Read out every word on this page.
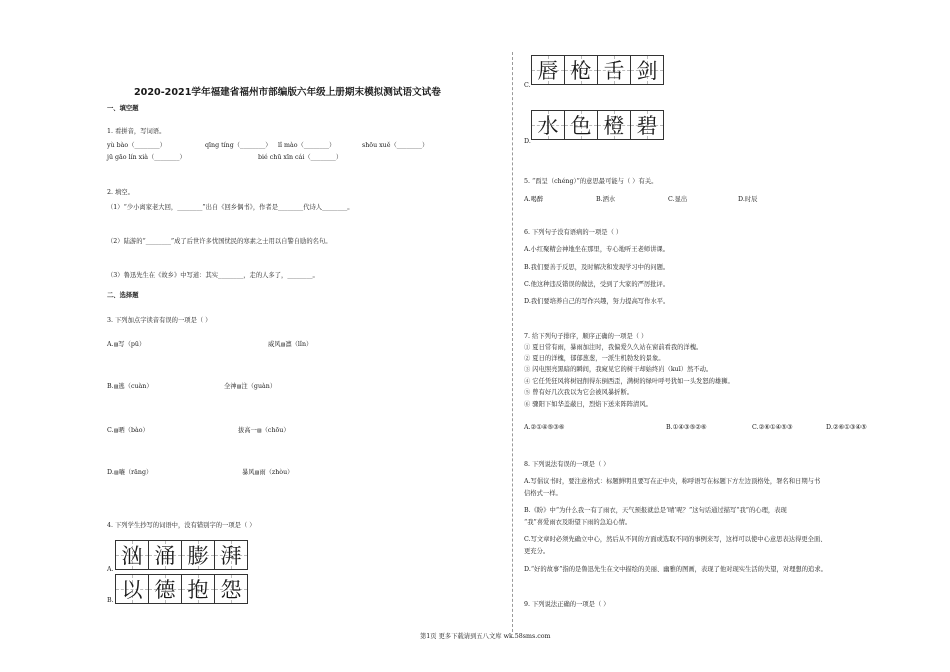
2020-2021学年福建省福州市部编版六年级上册期末模拟测试语文试卷
一、填空题
1. 看拼音，写词语。
yù bào（________）	qīng tíng（________） lǐ mào（________）	shōu xuě（________）
jū gāo lín xià（________）	bié chū xīn cái（________）
2. 填空。
（1）“少小离家老大回，________”出自《回乡偶书》，作者是________代诗人________。
（2）陆游的“________”成了后世许多忧国忧民的寒素之士用以自警自励的名句。
（3）鲁迅先生在《故乡》中写道：其实________，走的人多了，________。
二、选择题
3. 下列加点字读音有误的一项是（ ）
A.▨写（pū）	威风▨凛（lǐn）
B.▨逃（cuàn）	全神▨注（guàn）
C.▨晒（bào）	拔高一▨（chōu）
D.▨嚷（rāng）	暴风▨雨（zhòu）
4. 下列学生抄写的词语中，没有错别字的一项是（ ）
汹 涌 膨 湃
A.
以 德 抱 怨
B.
唇 枪 舌 剑
C.
水 色 橙 碧
D.
5. “酉呈（chéng）”的意思最可能与（ ）有关。
A.喝醉	B.洒水	C.显出	D.时辰
6. 下列句子没有语病的一项是（ ）
A.小红聚精会神地坐在那里，专心地听王老师讲课。
B.我们要善于反思，及时解决和发现学习中的问题。
C.他这种违反错误的做法，受到了大家的严厉批评。
D.我们要培养自己的写作兴趣，努力提高写作水平。
7. 给下列句子排序，顺序正确的一项是（ ）
① 夏日常有雨，暴雨加注时，我偏爱久久站在窗前看我的洋槐。
② 夏日的洋槐，郁郁葱葱，一派生机勃发的景象。
③ 闪电照亮黑暗的瞬间，我窥见它的树干却始终岿（kuī）然不动。
④ 它任凭狂风将树冠削得东倒西歪，满树的绿叶呼号犹如一头发怒的雄狮。
⑤ 曾有好几次我以为它会被风暴折断。
⑥ 骤阳下如华盖蔽日，烈焰下送来阵阵清风。
A.②①④⑤③⑥	B.①④③⑤②⑥	C.②⑥①④⑤③	D.②⑥①③④⑤
8. 下列说法有误的一项是（ ）
A.写倡议书时，要注意格式：标题鲜明且要写在正中央，称呼语写在标题下方左边顶格处，署名和日期与书
信格式一样。
B.《盼》中“为什么我一有了雨衣，天气预报就总是‘晴’呢？”这句话通过描写“我”的心理，表现
“我”喜爱雨衣及盼望下雨的急迫心情。
C.写文章时必须先确立中心，然后从不同的方面或选取不同的事例来写，这样可以使中心意思表达得更全面、
更充分。
D.“好的故事”指的是鲁迅先生在文中描绘的美丽、幽雅的图画，表现了他对现实生活的失望，对理想的追求。
9. 下列说法正确的一项是（ ）
第1页 更多下载请到五八文库 wk.58sms.com
